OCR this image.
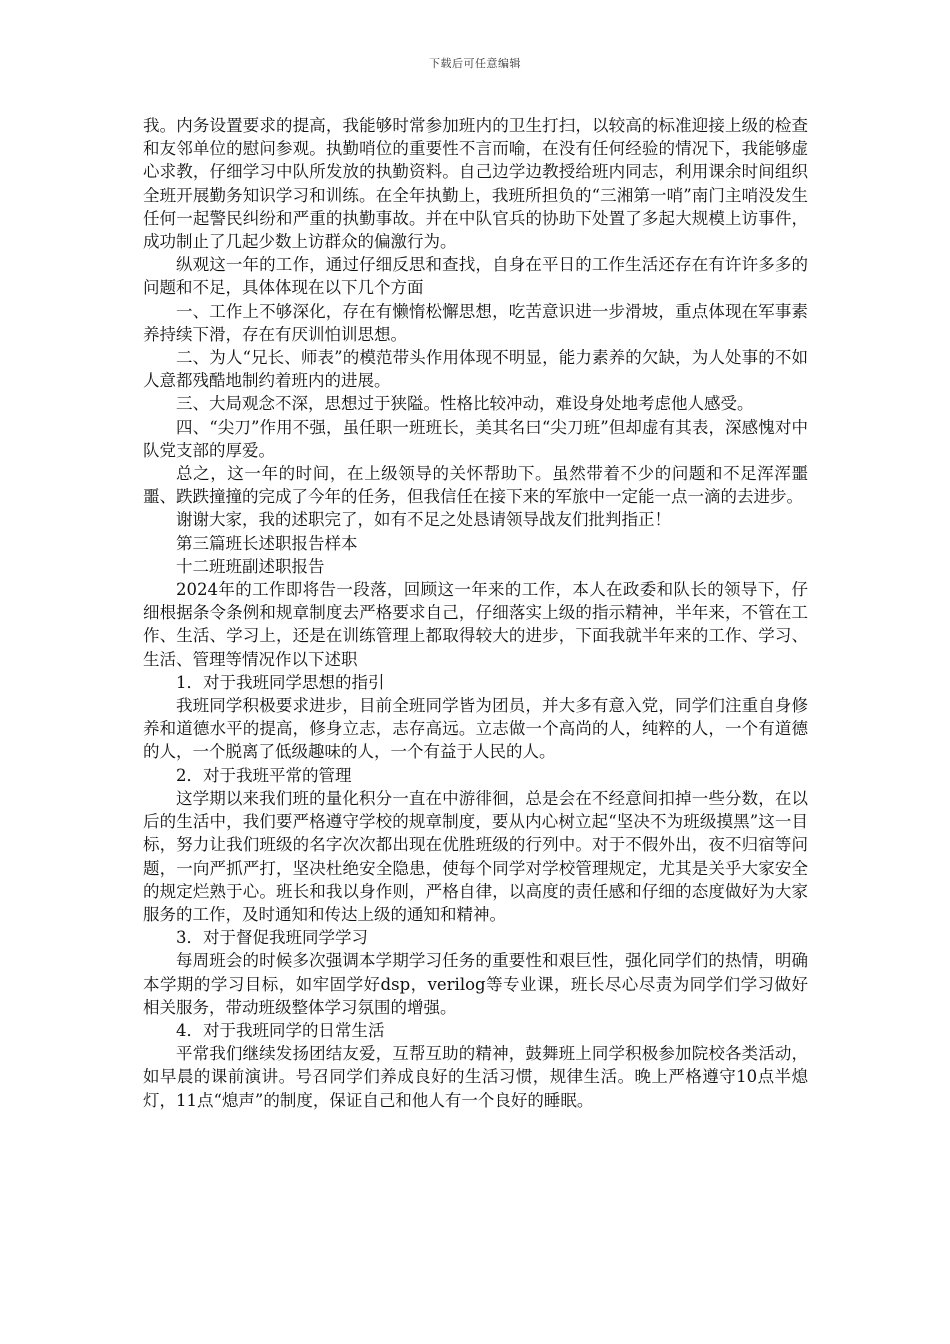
下载后可任意编辑

我。内务设置要求的提高，我能够时常参加班内的卫生打扫，以较高的标准迎接上级的检查和友邻单位的慰问参观。执勤哨位的重要性不言而喻，在没有任何经验的情况下，我能够虚心求教，仔细学习中队所发放的执勤资料。自己边学边教授给班内同志，利用课余时间组织全班开展勤务知识学习和训练。在全年执勤上，我班所担负的“三湘第一哨”南门主哨没发生任何一起警民纠纷和严重的执勤事故。并在中队官兵的协助下处置了多起大规模上访事件，成功制止了几起少数上访群众的偏激行为。

纵观这一年的工作，通过仔细反思和查找，自身在平日的工作生活还存在有许许多多的问题和不足，具体体现在以下几个方面

一、工作上不够深化，存在有懒惰松懈思想，吃苦意识进一步滑坡，重点体现在军事素养持续下滑，存在有厌训怕训思想。

二、为人“兄长、师表”的模范带头作用体现不明显，能力素养的欠缺，为人处事的不如人意都残酷地制约着班内的进展。

三、大局观念不深，思想过于狭隘。性格比较冲动，难设身处地考虑他人感受。

四、“尖刀”作用不强，虽任职一班班长，美其名曰“尖刀班”但却虚有其表，深感愧对中队党支部的厚爱。

总之，这一年的时间，在上级领导的关怀帮助下。虽然带着不少的问题和不足浑浑噩噩、跌跌撞撞的完成了今年的任务，但我信任在接下来的军旅中一定能一点一滴的去进步。

谢谢大家，我的述职完了，如有不足之处恳请领导战友们批判指正！

第三篇班长述职报告样本

十二班班副述职报告

2024年的工作即将告一段落，回顾这一年来的工作，本人在政委和队长的领导下，仔细根据条令条例和规章制度去严格要求自己，仔细落实上级的指示精神，半年来，不管在工作、生活、学习上，还是在训练管理上都取得较大的进步，下面我就半年来的工作、学习、生活、管理等情况作以下述职

1．对于我班同学思想的指引

我班同学积极要求进步，目前全班同学皆为团员，并大多有意入党，同学们注重自身修养和道德水平的提高，修身立志，志存高远。立志做一个高尚的人，纯粹的人，一个有道德的人，一个脱离了低级趣味的人，一个有益于人民的人。

2．对于我班平常的管理

这学期以来我们班的量化积分一直在中游徘徊，总是会在不经意间扣掉一些分数，在以后的生活中，我们要严格遵守学校的规章制度，要从内心树立起“坚决不为班级摸黑”这一目标，努力让我们班级的名字次次都出现在优胜班级的行列中。对于不假外出，夜不归宿等问题，一向严抓严打，坚决杜绝安全隐患，使每个同学对学校管理规定，尤其是关乎大家安全的规定烂熟于心。班长和我以身作则，严格自律，以高度的责任感和仔细的态度做好为大家服务的工作，及时通知和传达上级的通知和精神。

3．对于督促我班同学学习

每周班会的时候多次强调本学期学习任务的重要性和艰巨性，强化同学们的热情，明确本学期的学习目标，如牢固学好dsp，verilog等专业课，班长尽心尽责为同学们学习做好相关服务，带动班级整体学习氛围的增强。

4．对于我班同学的日常生活

平常我们继续发扬团结友爱，互帮互助的精神，鼓舞班上同学积极参加院校各类活动，如早晨的课前演讲。号召同学们养成良好的生活习惯，规律生活。晚上严格遵守10点半熄灯，11点“熄声”的制度，保证自己和他人有一个良好的睡眠。
